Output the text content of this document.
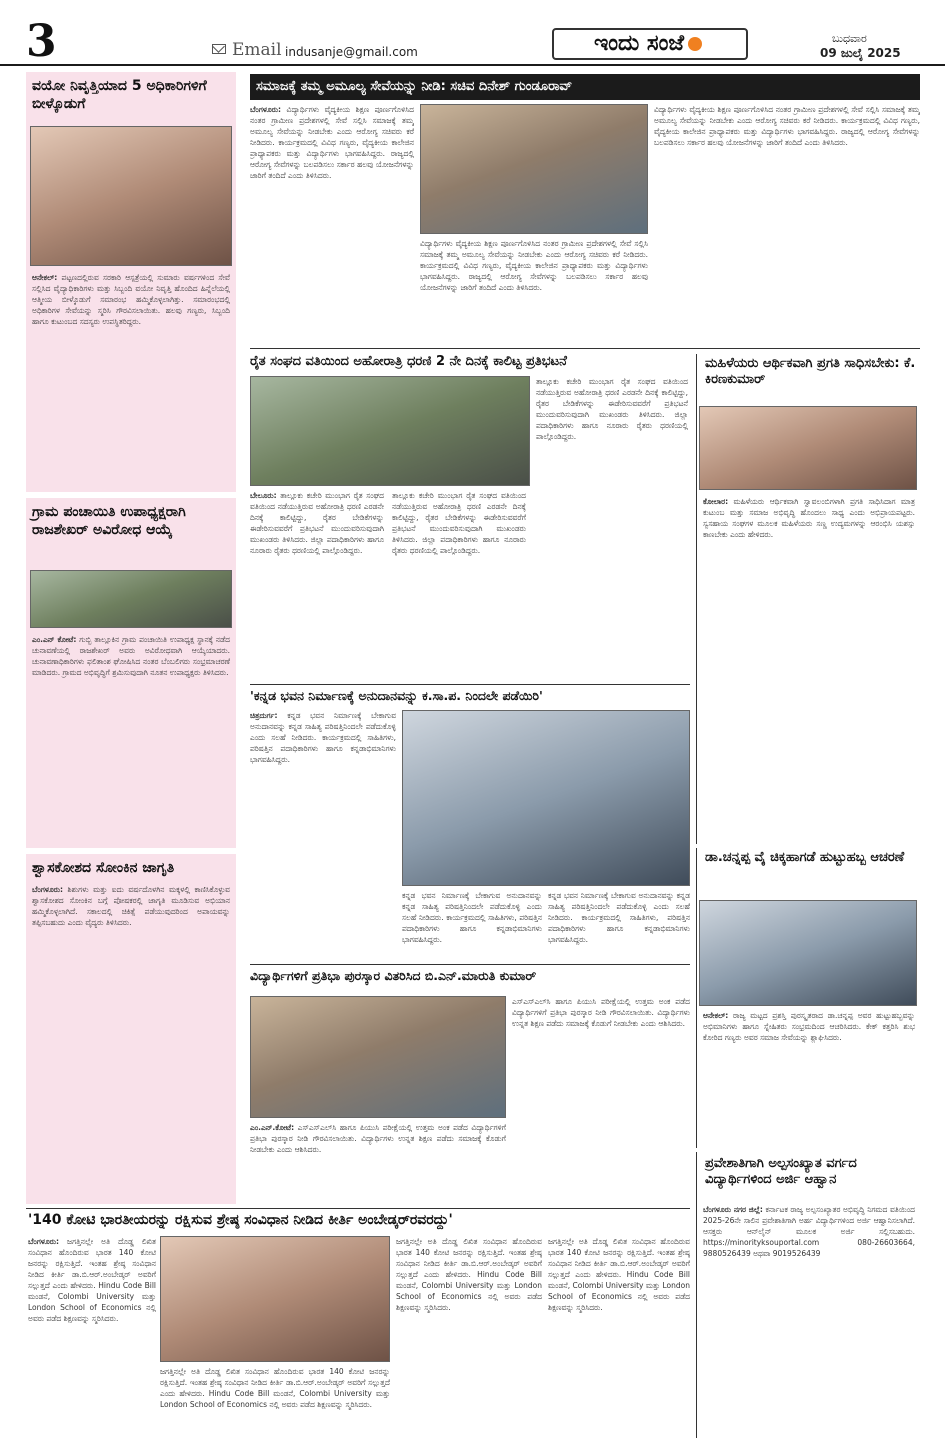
3	Email indusanje@gmail.com	ಇಂದು ಸಂಜೆ	ಬುಧವಾರ
09 ಜುಲೈ 2025
ವಯೋ ನಿವೃತ್ತಿಯಾದ 5 ಅಧಿಕಾರಿಗಳಿಗೆ ಬೀಳ್ಕೊಡುಗೆ
ಆನೇಕಲ್: ಪಟ್ಟಣದಲ್ಲಿರುವ ಸರಕಾರಿ ಆಸ್ಪತ್ರೆಯಲ್ಲಿ ಸುಮಾರು ವರ್ಷಗಳಿಂದ ಸೇವೆ ಸಲ್ಲಿಸಿದ ವೈದ್ಯಾಧಿಕಾರಿಗಳು ಮತ್ತು ಸಿಬ್ಬಂದಿ ವಯೋ ನಿವೃತ್ತಿ ಹೊಂದಿದ ಹಿನ್ನೆಲೆಯಲ್ಲಿ ಆತ್ಮೀಯ ಬೀಳ್ಕೊಡುಗೆ ಸಮಾರಂಭ ಹಮ್ಮಿಕೊಳ್ಳಲಾಗಿತ್ತು. ಸಮಾರಂಭದಲ್ಲಿ ಅಧಿಕಾರಿಗಳ ಸೇವೆಯನ್ನು ಸ್ಮರಿಸಿ ಗೌರವಿಸಲಾಯಿತು. ಹಲವು ಗಣ್ಯರು, ಸಿಬ್ಬಂದಿ ಹಾಗೂ ಕುಟುಂಬದ ಸದಸ್ಯರು ಉಪಸ್ಥಿತರಿದ್ದರು.
ಗ್ರಾಮ ಪಂಚಾಯಿತಿ ಉಪಾಧ್ಯಕ್ಷರಾಗಿ ರಾಜಶೇಖರ್ ಅವಿರೋಧ ಆಯ್ಕೆ
ಎಂ.ಎನ್ ಕೋಟೆ: ಗುಬ್ಬಿ ತಾಲ್ಲೂಕಿನ ಗ್ರಾಮ ಪಂಚಾಯಿತಿ ಉಪಾಧ್ಯಕ್ಷ ಸ್ಥಾನಕ್ಕೆ ನಡೆದ ಚುನಾವಣೆಯಲ್ಲಿ ರಾಜಶೇಖರ್ ಅವರು ಅವಿರೋಧವಾಗಿ ಆಯ್ಕೆಯಾದರು. ಚುನಾವಣಾಧಿಕಾರಿಗಳು ಫಲಿತಾಂಶ ಘೋಷಿಸಿದ ನಂತರ ಬೆಂಬಲಿಗರು ಸಂಭ್ರಮಾಚರಣೆ ಮಾಡಿದರು. ಗ್ರಾಮದ ಅಭಿವೃದ್ಧಿಗೆ ಶ್ರಮಿಸುವುದಾಗಿ ನೂತನ ಉಪಾಧ್ಯಕ್ಷರು ತಿಳಿಸಿದರು.
ಶ್ವಾಸಕೋಶದ ಸೋಂಕಿನ ಜಾಗೃತಿ
ಬೆಂಗಳೂರು: ಶಿಶುಗಳು ಮತ್ತು ಐದು ವರ್ಷದೊಳಗಿನ ಮಕ್ಕಳಲ್ಲಿ ಕಾಣಿಸಿಕೊಳ್ಳುವ ಶ್ವಾಸಕೋಶದ ಸೋಂಕಿನ ಬಗ್ಗೆ ಪೋಷಕರಲ್ಲಿ ಜಾಗೃತಿ ಮೂಡಿಸುವ ಅಭಿಯಾನ ಹಮ್ಮಿಕೊಳ್ಳಲಾಗಿದೆ. ಸಕಾಲದಲ್ಲಿ ಚಿಕಿತ್ಸೆ ಪಡೆಯುವುದರಿಂದ ಅಪಾಯವನ್ನು ತಪ್ಪಿಸಬಹುದು ಎಂದು ವೈದ್ಯರು ತಿಳಿಸಿದರು.
ಸಮಾಜಕ್ಕೆ ತಮ್ಮ ಅಮೂಲ್ಯ ಸೇವೆಯನ್ನು ನೀಡಿ: ಸಚಿವ ದಿನೇಶ್ ಗುಂಡೂರಾವ್
ಬೆಂಗಳೂರು: ವಿದ್ಯಾರ್ಥಿಗಳು ವೈದ್ಯಕೀಯ ಶಿಕ್ಷಣ ಪೂರ್ಣಗೊಳಿಸಿದ ನಂತರ ಗ್ರಾಮೀಣ ಪ್ರದೇಶಗಳಲ್ಲಿ ಸೇವೆ ಸಲ್ಲಿಸಿ ಸಮಾಜಕ್ಕೆ ತಮ್ಮ ಅಮೂಲ್ಯ ಸೇವೆಯನ್ನು ನೀಡಬೇಕು ಎಂದು ಆರೋಗ್ಯ ಸಚಿವರು ಕರೆ ನೀಡಿದರು. ಕಾರ್ಯಕ್ರಮದಲ್ಲಿ ವಿವಿಧ ಗಣ್ಯರು, ವೈದ್ಯಕೀಯ ಕಾಲೇಜಿನ ಪ್ರಾಧ್ಯಾಪಕರು ಮತ್ತು ವಿದ್ಯಾರ್ಥಿಗಳು ಭಾಗವಹಿಸಿದ್ದರು. ರಾಜ್ಯದಲ್ಲಿ ಆರೋಗ್ಯ ಸೇವೆಗಳನ್ನು ಬಲಪಡಿಸಲು ಸರ್ಕಾರ ಹಲವು ಯೋಜನೆಗಳನ್ನು ಜಾರಿಗೆ ತಂದಿದೆ ಎಂದು ತಿಳಿಸಿದರು.
ವಿದ್ಯಾರ್ಥಿಗಳು ವೈದ್ಯಕೀಯ ಶಿಕ್ಷಣ ಪೂರ್ಣಗೊಳಿಸಿದ ನಂತರ ಗ್ರಾಮೀಣ ಪ್ರದೇಶಗಳಲ್ಲಿ ಸೇವೆ ಸಲ್ಲಿಸಿ ಸಮಾಜಕ್ಕೆ ತಮ್ಮ ಅಮೂಲ್ಯ ಸೇವೆಯನ್ನು ನೀಡಬೇಕು ಎಂದು ಆರೋಗ್ಯ ಸಚಿವರು ಕರೆ ನೀಡಿದರು. ಕಾರ್ಯಕ್ರಮದಲ್ಲಿ ವಿವಿಧ ಗಣ್ಯರು, ವೈದ್ಯಕೀಯ ಕಾಲೇಜಿನ ಪ್ರಾಧ್ಯಾಪಕರು ಮತ್ತು ವಿದ್ಯಾರ್ಥಿಗಳು ಭಾಗವಹಿಸಿದ್ದರು. ರಾಜ್ಯದಲ್ಲಿ ಆರೋಗ್ಯ ಸೇವೆಗಳನ್ನು ಬಲಪಡಿಸಲು ಸರ್ಕಾರ ಹಲವು ಯೋಜನೆಗಳನ್ನು ಜಾರಿಗೆ ತಂದಿದೆ ಎಂದು ತಿಳಿಸಿದರು.
ವಿದ್ಯಾರ್ಥಿಗಳು ವೈದ್ಯಕೀಯ ಶಿಕ್ಷಣ ಪೂರ್ಣಗೊಳಿಸಿದ ನಂತರ ಗ್ರಾಮೀಣ ಪ್ರದೇಶಗಳಲ್ಲಿ ಸೇವೆ ಸಲ್ಲಿಸಿ ಸಮಾಜಕ್ಕೆ ತಮ್ಮ ಅಮೂಲ್ಯ ಸೇವೆಯನ್ನು ನೀಡಬೇಕು ಎಂದು ಆರೋಗ್ಯ ಸಚಿವರು ಕರೆ ನೀಡಿದರು. ಕಾರ್ಯಕ್ರಮದಲ್ಲಿ ವಿವಿಧ ಗಣ್ಯರು, ವೈದ್ಯಕೀಯ ಕಾಲೇಜಿನ ಪ್ರಾಧ್ಯಾಪಕರು ಮತ್ತು ವಿದ್ಯಾರ್ಥಿಗಳು ಭಾಗವಹಿಸಿದ್ದರು. ರಾಜ್ಯದಲ್ಲಿ ಆರೋಗ್ಯ ಸೇವೆಗಳನ್ನು ಬಲಪಡಿಸಲು ಸರ್ಕಾರ ಹಲವು ಯೋಜನೆಗಳನ್ನು ಜಾರಿಗೆ ತಂದಿದೆ ಎಂದು ತಿಳಿಸಿದರು.
ರೈತ ಸಂಘದ ವತಿಯಿಂದ ಅಹೋರಾತ್ರಿ ಧರಣಿ 2 ನೇ ದಿನಕ್ಕೆ ಕಾಲಿಟ್ಟ ಪ್ರತಿಭಟನೆ
ಬೇಲೂರು: ತಾಲ್ಲೂಕು ಕಚೇರಿ ಮುಂಭಾಗ ರೈತ ಸಂಘದ ವತಿಯಿಂದ ನಡೆಯುತ್ತಿರುವ ಅಹೋರಾತ್ರಿ ಧರಣಿ ಎರಡನೇ ದಿನಕ್ಕೆ ಕಾಲಿಟ್ಟಿದ್ದು, ರೈತರ ಬೇಡಿಕೆಗಳನ್ನು ಈಡೇರಿಸುವವರೆಗೆ ಪ್ರತಿಭಟನೆ ಮುಂದುವರಿಸುವುದಾಗಿ ಮುಖಂಡರು ತಿಳಿಸಿದರು. ಜಿಲ್ಲಾ ಪದಾಧಿಕಾರಿಗಳು ಹಾಗೂ ನೂರಾರು ರೈತರು ಧರಣಿಯಲ್ಲಿ ಪಾಲ್ಗೊಂಡಿದ್ದರು.
ತಾಲ್ಲೂಕು ಕಚೇರಿ ಮುಂಭಾಗ ರೈತ ಸಂಘದ ವತಿಯಿಂದ ನಡೆಯುತ್ತಿರುವ ಅಹೋರಾತ್ರಿ ಧರಣಿ ಎರಡನೇ ದಿನಕ್ಕೆ ಕಾಲಿಟ್ಟಿದ್ದು, ರೈತರ ಬೇಡಿಕೆಗಳನ್ನು ಈಡೇರಿಸುವವರೆಗೆ ಪ್ರತಿಭಟನೆ ಮುಂದುವರಿಸುವುದಾಗಿ ಮುಖಂಡರು ತಿಳಿಸಿದರು. ಜಿಲ್ಲಾ ಪದಾಧಿಕಾರಿಗಳು ಹಾಗೂ ನೂರಾರು ರೈತರು ಧರಣಿಯಲ್ಲಿ ಪಾಲ್ಗೊಂಡಿದ್ದರು.
ತಾಲ್ಲೂಕು ಕಚೇರಿ ಮುಂಭಾಗ ರೈತ ಸಂಘದ ವತಿಯಿಂದ ನಡೆಯುತ್ತಿರುವ ಅಹೋರಾತ್ರಿ ಧರಣಿ ಎರಡನೇ ದಿನಕ್ಕೆ ಕಾಲಿಟ್ಟಿದ್ದು, ರೈತರ ಬೇಡಿಕೆಗಳನ್ನು ಈಡೇರಿಸುವವರೆಗೆ ಪ್ರತಿಭಟನೆ ಮುಂದುವರಿಸುವುದಾಗಿ ಮುಖಂಡರು ತಿಳಿಸಿದರು. ಜಿಲ್ಲಾ ಪದಾಧಿಕಾರಿಗಳು ಹಾಗೂ ನೂರಾರು ರೈತರು ಧರಣಿಯಲ್ಲಿ ಪಾಲ್ಗೊಂಡಿದ್ದರು.
ಮಹಿಳೆಯರು ಆರ್ಥಿಕವಾಗಿ ಪ್ರಗತಿ ಸಾಧಿಸಬೇಕು: ಕೆ. ಕಿರಣಕುಮಾರ್
ಕೋಲಾರ: ಮಹಿಳೆಯರು ಆರ್ಥಿಕವಾಗಿ ಸ್ವಾವಲಂಬಿಗಳಾಗಿ ಪ್ರಗತಿ ಸಾಧಿಸಿದಾಗ ಮಾತ್ರ ಕುಟುಂಬ ಮತ್ತು ಸಮಾಜ ಅಭಿವೃದ್ಧಿ ಹೊಂದಲು ಸಾಧ್ಯ ಎಂದು ಅಭಿಪ್ರಾಯಪಟ್ಟರು. ಸ್ವಸಹಾಯ ಸಂಘಗಳ ಮೂಲಕ ಮಹಿಳೆಯರು ಸಣ್ಣ ಉದ್ಯಮಗಳನ್ನು ಆರಂಭಿಸಿ ಯಶಸ್ಸು ಕಾಣಬೇಕು ಎಂದು ಹೇಳಿದರು.
'ಕನ್ನಡ ಭವನ ನಿರ್ಮಾಣಕ್ಕೆ ಅನುದಾನವನ್ನು ಕ.ಸಾ.ಪ. ನಿಂದಲೇ ಪಡೆಯಿರಿ'
ಚಿತ್ರದುರ್ಗ: ಕನ್ನಡ ಭವನ ನಿರ್ಮಾಣಕ್ಕೆ ಬೇಕಾಗುವ ಅನುದಾನವನ್ನು ಕನ್ನಡ ಸಾಹಿತ್ಯ ಪರಿಷತ್ತಿನಿಂದಲೇ ಪಡೆದುಕೊಳ್ಳಿ ಎಂದು ಸಲಹೆ ನೀಡಿದರು. ಕಾರ್ಯಕ್ರಮದಲ್ಲಿ ಸಾಹಿತಿಗಳು, ಪರಿಷತ್ತಿನ ಪದಾಧಿಕಾರಿಗಳು ಹಾಗೂ ಕನ್ನಡಾಭಿಮಾನಿಗಳು ಭಾಗವಹಿಸಿದ್ದರು.
ಕನ್ನಡ ಭವನ ನಿರ್ಮಾಣಕ್ಕೆ ಬೇಕಾಗುವ ಅನುದಾನವನ್ನು ಕನ್ನಡ ಸಾಹಿತ್ಯ ಪರಿಷತ್ತಿನಿಂದಲೇ ಪಡೆದುಕೊಳ್ಳಿ ಎಂದು ಸಲಹೆ ನೀಡಿದರು. ಕಾರ್ಯಕ್ರಮದಲ್ಲಿ ಸಾಹಿತಿಗಳು, ಪರಿಷತ್ತಿನ ಪದಾಧಿಕಾರಿಗಳು ಹಾಗೂ ಕನ್ನಡಾಭಿಮಾನಿಗಳು ಭಾಗವಹಿಸಿದ್ದರು.
ಕನ್ನಡ ಭವನ ನಿರ್ಮಾಣಕ್ಕೆ ಬೇಕಾಗುವ ಅನುದಾನವನ್ನು ಕನ್ನಡ ಸಾಹಿತ್ಯ ಪರಿಷತ್ತಿನಿಂದಲೇ ಪಡೆದುಕೊಳ್ಳಿ ಎಂದು ಸಲಹೆ ನೀಡಿದರು. ಕಾರ್ಯಕ್ರಮದಲ್ಲಿ ಸಾಹಿತಿಗಳು, ಪರಿಷತ್ತಿನ ಪದಾಧಿಕಾರಿಗಳು ಹಾಗೂ ಕನ್ನಡಾಭಿಮಾನಿಗಳು ಭಾಗವಹಿಸಿದ್ದರು.
ವಿದ್ಯಾರ್ಥಿಗಳಿಗೆ ಪ್ರತಿಭಾ ಪುರಸ್ಕಾರ ವಿತರಿಸಿದ ಬಿ.ಎನ್.ಮಾರುತಿ ಕುಮಾರ್
ಎಂ.ಎನ್.ಕೋಟೆ: ಎಸ್‌ಎಸ್‌ಎಲ್‌ಸಿ ಹಾಗೂ ಪಿಯುಸಿ ಪರೀಕ್ಷೆಯಲ್ಲಿ ಉತ್ತಮ ಅಂಕ ಪಡೆದ ವಿದ್ಯಾರ್ಥಿಗಳಿಗೆ ಪ್ರತಿಭಾ ಪುರಸ್ಕಾರ ನೀಡಿ ಗೌರವಿಸಲಾಯಿತು. ವಿದ್ಯಾರ್ಥಿಗಳು ಉನ್ನತ ಶಿಕ್ಷಣ ಪಡೆದು ಸಮಾಜಕ್ಕೆ ಕೊಡುಗೆ ನೀಡಬೇಕು ಎಂದು ಆಶಿಸಿದರು.
ಎಸ್‌ಎಸ್‌ಎಲ್‌ಸಿ ಹಾಗೂ ಪಿಯುಸಿ ಪರೀಕ್ಷೆಯಲ್ಲಿ ಉತ್ತಮ ಅಂಕ ಪಡೆದ ವಿದ್ಯಾರ್ಥಿಗಳಿಗೆ ಪ್ರತಿಭಾ ಪುರಸ್ಕಾರ ನೀಡಿ ಗೌರವಿಸಲಾಯಿತು. ವಿದ್ಯಾರ್ಥಿಗಳು ಉನ್ನತ ಶಿಕ್ಷಣ ಪಡೆದು ಸಮಾಜಕ್ಕೆ ಕೊಡುಗೆ ನೀಡಬೇಕು ಎಂದು ಆಶಿಸಿದರು.
ಡಾ.ಚನ್ನಪ್ಪ ವೈ ಚಿಕ್ಕಹಾಗಡೆ ಹುಟ್ಟುಹಬ್ಬ ಆಚರಣೆ
ಆನೇಕಲ್: ರಾಜ್ಯ ಮಟ್ಟದ ಪ್ರಶಸ್ತಿ ಪುರಸ್ಕೃತರಾದ ಡಾ.ಚನ್ನಪ್ಪ ಅವರ ಹುಟ್ಟುಹಬ್ಬವನ್ನು ಅಭಿಮಾನಿಗಳು ಹಾಗೂ ಸ್ನೇಹಿತರು ಸಂಭ್ರಮದಿಂದ ಆಚರಿಸಿದರು. ಕೇಕ್ ಕತ್ತರಿಸಿ ಶುಭ ಕೋರಿದ ಗಣ್ಯರು ಅವರ ಸಮಾಜ ಸೇವೆಯನ್ನು ಶ್ಲಾಘಿಸಿದರು.
'140 ಕೋಟಿ ಭಾರತೀಯರನ್ನು ರಕ್ಷಿಸುವ ಶ್ರೇಷ್ಠ ಸಂವಿಧಾನ ನೀಡಿದ ಕೀರ್ತಿ ಅಂಬೇಡ್ಕರ್‌ರವರದ್ದು'
ಬೆಂಗಳೂರು: ಜಗತ್ತಿನಲ್ಲೇ ಅತಿ ದೊಡ್ಡ ಲಿಖಿತ ಸಂವಿಧಾನ ಹೊಂದಿರುವ ಭಾರತ 140 ಕೋಟಿ ಜನರನ್ನು ರಕ್ಷಿಸುತ್ತಿದೆ. ಇಂತಹ ಶ್ರೇಷ್ಠ ಸಂವಿಧಾನ ನೀಡಿದ ಕೀರ್ತಿ ಡಾ.ಬಿ.ಆರ್.ಅಂಬೇಡ್ಕರ್ ಅವರಿಗೆ ಸಲ್ಲುತ್ತದೆ ಎಂದು ಹೇಳಿದರು. Hindu Code Bill ಮಂಡನೆ, Colombi University ಮತ್ತು London School of Economics ನಲ್ಲಿ ಅವರು ಪಡೆದ ಶಿಕ್ಷಣವನ್ನು ಸ್ಮರಿಸಿದರು.
ಜಗತ್ತಿನಲ್ಲೇ ಅತಿ ದೊಡ್ಡ ಲಿಖಿತ ಸಂವಿಧಾನ ಹೊಂದಿರುವ ಭಾರತ 140 ಕೋಟಿ ಜನರನ್ನು ರಕ್ಷಿಸುತ್ತಿದೆ. ಇಂತಹ ಶ್ರೇಷ್ಠ ಸಂವಿಧಾನ ನೀಡಿದ ಕೀರ್ತಿ ಡಾ.ಬಿ.ಆರ್.ಅಂಬೇಡ್ಕರ್ ಅವರಿಗೆ ಸಲ್ಲುತ್ತದೆ ಎಂದು ಹೇಳಿದರು. Hindu Code Bill ಮಂಡನೆ, Colombi University ಮತ್ತು London School of Economics ನಲ್ಲಿ ಅವರು ಪಡೆದ ಶಿಕ್ಷಣವನ್ನು ಸ್ಮರಿಸಿದರು.
ಜಗತ್ತಿನಲ್ಲೇ ಅತಿ ದೊಡ್ಡ ಲಿಖಿತ ಸಂವಿಧಾನ ಹೊಂದಿರುವ ಭಾರತ 140 ಕೋಟಿ ಜನರನ್ನು ರಕ್ಷಿಸುತ್ತಿದೆ. ಇಂತಹ ಶ್ರೇಷ್ಠ ಸಂವಿಧಾನ ನೀಡಿದ ಕೀರ್ತಿ ಡಾ.ಬಿ.ಆರ್.ಅಂಬೇಡ್ಕರ್ ಅವರಿಗೆ ಸಲ್ಲುತ್ತದೆ ಎಂದು ಹೇಳಿದರು. Hindu Code Bill ಮಂಡನೆ, Colombi University ಮತ್ತು London School of Economics ನಲ್ಲಿ ಅವರು ಪಡೆದ ಶಿಕ್ಷಣವನ್ನು ಸ್ಮರಿಸಿದರು.
ಜಗತ್ತಿನಲ್ಲೇ ಅತಿ ದೊಡ್ಡ ಲಿಖಿತ ಸಂವಿಧಾನ ಹೊಂದಿರುವ ಭಾರತ 140 ಕೋಟಿ ಜನರನ್ನು ರಕ್ಷಿಸುತ್ತಿದೆ. ಇಂತಹ ಶ್ರೇಷ್ಠ ಸಂವಿಧಾನ ನೀಡಿದ ಕೀರ್ತಿ ಡಾ.ಬಿ.ಆರ್.ಅಂಬೇಡ್ಕರ್ ಅವರಿಗೆ ಸಲ್ಲುತ್ತದೆ ಎಂದು ಹೇಳಿದರು. Hindu Code Bill ಮಂಡನೆ, Colombi University ಮತ್ತು London School of Economics ನಲ್ಲಿ ಅವರು ಪಡೆದ ಶಿಕ್ಷಣವನ್ನು ಸ್ಮರಿಸಿದರು.
ಪ್ರವೇಶಾತಿಗಾಗಿ ಅಲ್ಪಸಂಖ್ಯಾತ ವರ್ಗದ ವಿದ್ಯಾರ್ಥಿಗಳಿಂದ ಅರ್ಜಿ ಆಹ್ವಾನ
ಬೆಂಗಳೂರು ನಗರ ಜಿಲ್ಲೆ: ಕರ್ನಾಟಕ ರಾಜ್ಯ ಅಲ್ಪಸಂಖ್ಯಾತರ ಅಭಿವೃದ್ಧಿ ನಿಗಮದ ವತಿಯಿಂದ 2025-26ನೇ ಸಾಲಿನ ಪ್ರವೇಶಾತಿಗಾಗಿ ಅರ್ಹ ವಿದ್ಯಾರ್ಥಿಗಳಿಂದ ಅರ್ಜಿ ಆಹ್ವಾನಿಸಲಾಗಿದೆ. ಆಸಕ್ತರು ಆನ್‌ಲೈನ್ ಮೂಲಕ ಅರ್ಜಿ ಸಲ್ಲಿಸಬಹುದು. https://minorityksouportal.com	080-26603664, 9880526439 ಅಥವಾ 9019526439
